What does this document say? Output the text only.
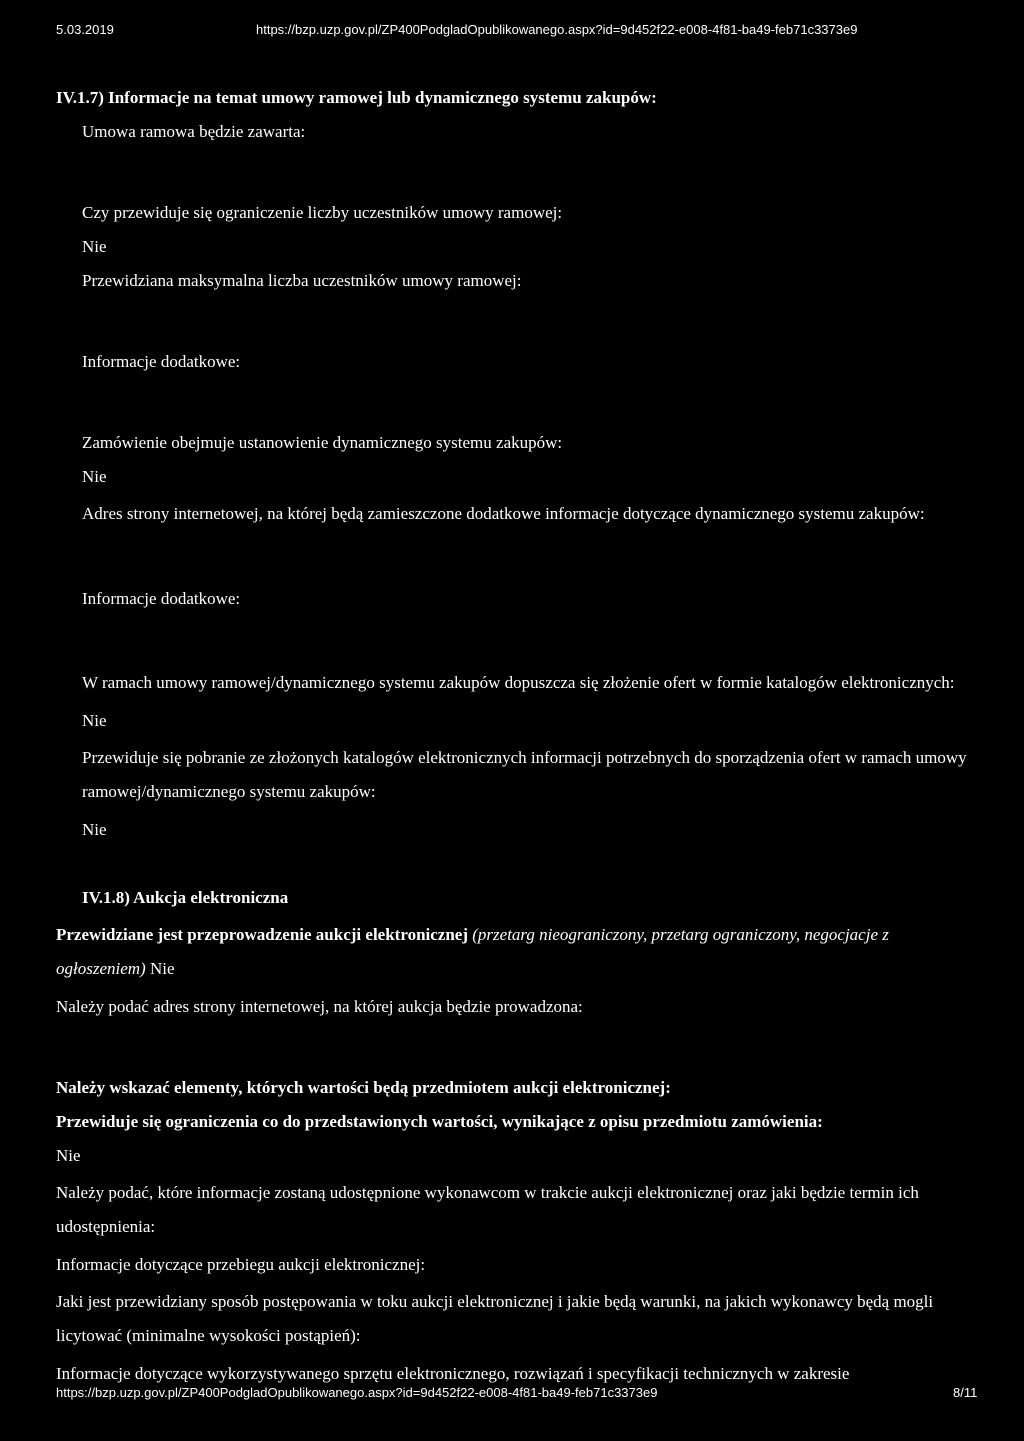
5.03.2019	https://bzp.uzp.gov.pl/ZP400PodgladOpublikowanego.aspx?id=9d452f22-e008-4f81-ba49-feb71c3373e9

IV.1.7) Informacje na temat umowy ramowej lub dynamicznego systemu zakupów:

Umowa ramowa będzie zawarta:

Czy przewiduje się ograniczenie liczby uczestników umowy ramowej:

Nie

Przewidziana maksymalna liczba uczestników umowy ramowej:

Informacje dodatkowe:

Zamówienie obejmuje ustanowienie dynamicznego systemu zakupów:

Nie

Adres strony internetowej, na której będą zamieszczone dodatkowe informacje dotyczące dynamicznego systemu zakupów:

Informacje dodatkowe:

W ramach umowy ramowej/dynamicznego systemu zakupów dopuszcza się złożenie ofert w formie katalogów elektronicznych:

Nie

Przewiduje się pobranie ze złożonych katalogów elektronicznych informacji potrzebnych do sporządzenia ofert w ramach umowy ramowej/dynamicznego systemu zakupów:

Nie

IV.1.8) Aukcja elektroniczna

Przewidziane jest przeprowadzenie aukcji elektronicznej (przetarg nieograniczony, przetarg ograniczony, negocjacje z ogłoszeniem) Nie

Należy podać adres strony internetowej, na której aukcja będzie prowadzona:

Należy wskazać elementy, których wartości będą przedmiotem aukcji elektronicznej:

Przewiduje się ograniczenia co do przedstawionych wartości, wynikające z opisu przedmiotu zamówienia:

Nie

Należy podać, które informacje zostaną udostępnione wykonawcom w trakcie aukcji elektronicznej oraz jaki będzie termin ich udostępnienia:

Informacje dotyczące przebiegu aukcji elektronicznej:

Jaki jest przewidziany sposób postępowania w toku aukcji elektronicznej i jakie będą warunki, na jakich wykonawcy będą mogli licytować (minimalne wysokości postąpień):

Informacje dotyczące wykorzystywanego sprzętu elektronicznego, rozwiązań i specyfikacji technicznych w zakresie

https://bzp.uzp.gov.pl/ZP400PodgladOpublikowanego.aspx?id=9d452f22-e008-4f81-ba49-feb71c3373e9	8/11
